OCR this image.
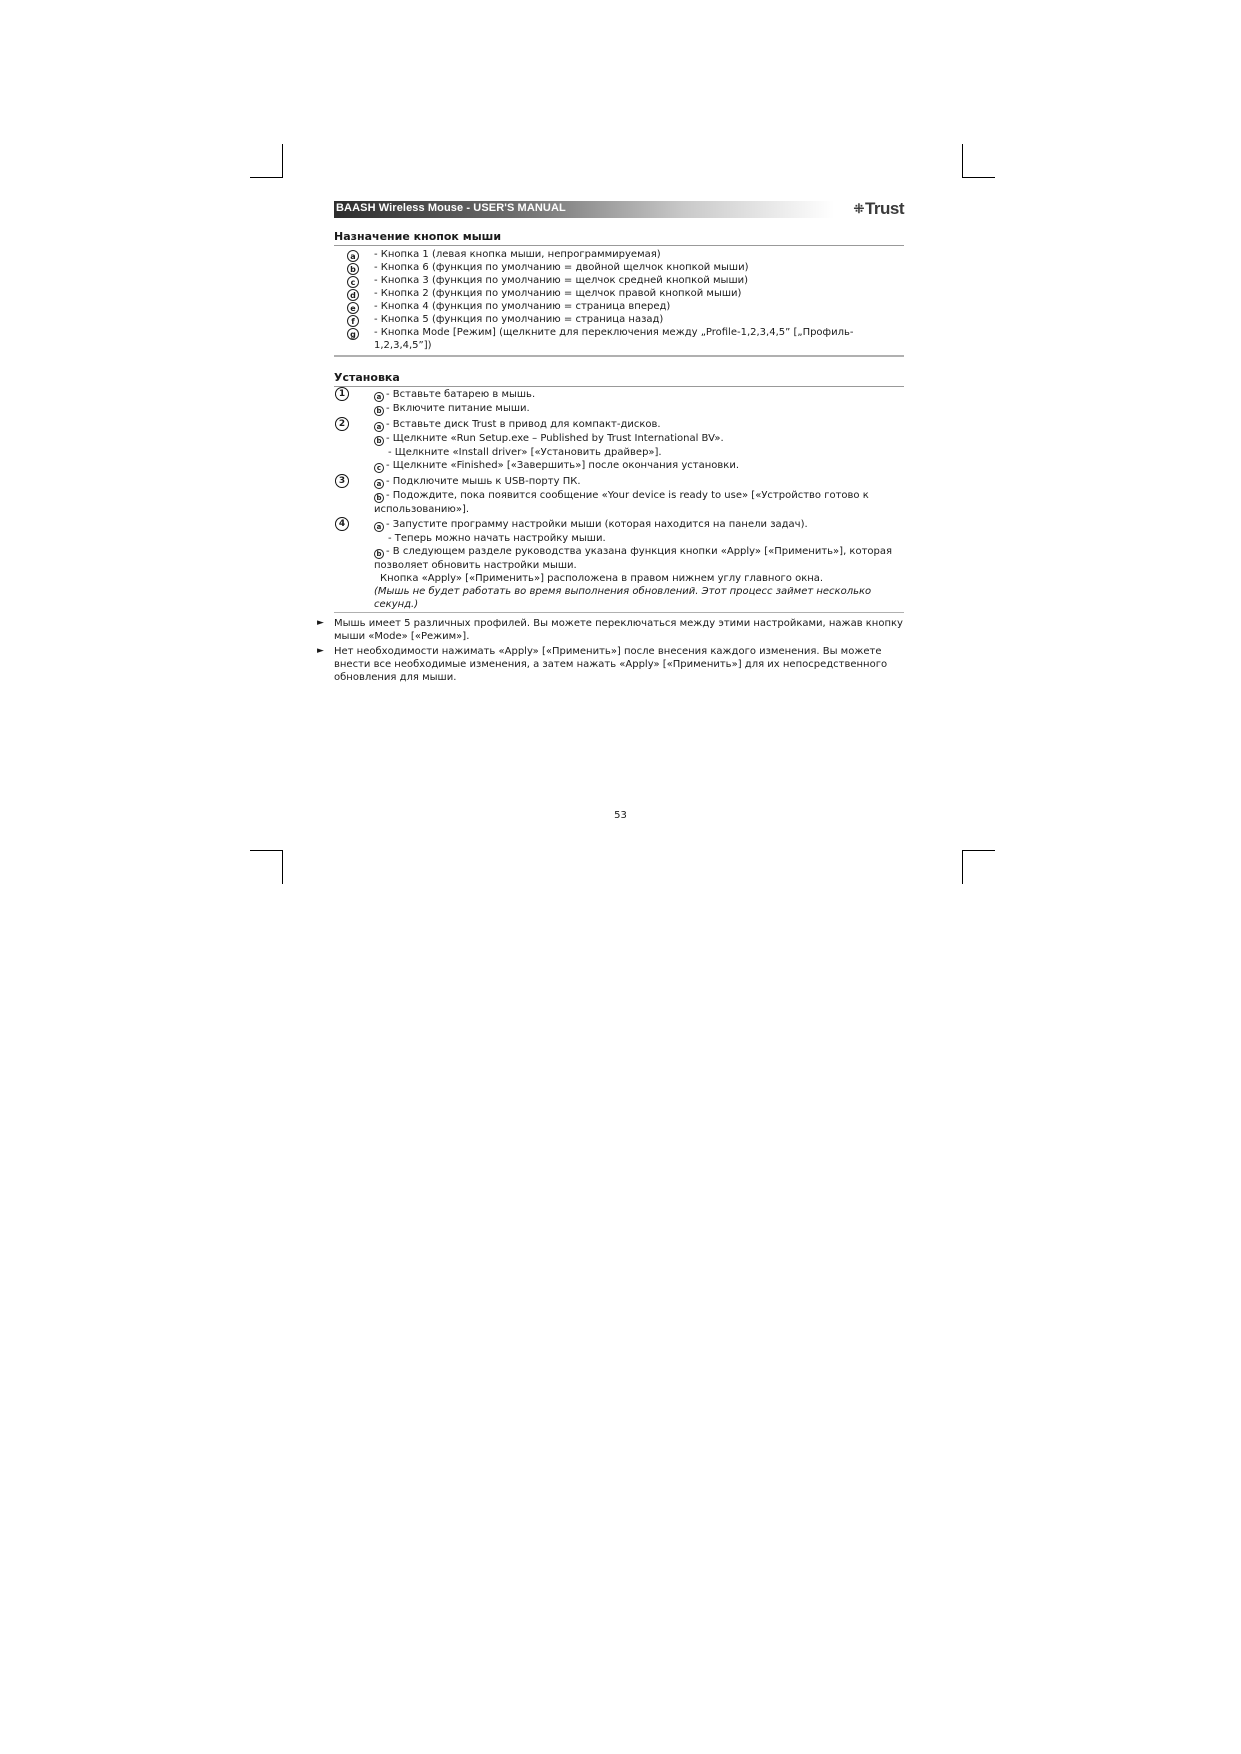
BAASH Wireless Mouse - USER'S MANUAL	⁜Trust
Назначение кнопок мыши
a	- Кнопка 1 (левая кнопка мыши, непрограммируемая)
b	- Кнопка 6 (функция по умолчанию = двойной щелчок кнопкой мыши)
c	- Кнопка 3 (функция по умолчанию = щелчок средней кнопкой мыши)
d	- Кнопка 2 (функция по умолчанию = щелчок правой кнопкой мыши)
e	- Кнопка 4 (функция по умолчанию = страница вперед)
f	- Кнопка 5 (функция по умолчанию = страница назад)
g	- Кнопка Mode [Режим] (щелкните для переключения между „Profile-1,2,3,4,5” [„Профиль-
1,2,3,4,5”])
Установка
1	a - Вставьте батарею в мышь.
b - Включите питание мыши.
2	a - Вставьте диск Trust в привод для компакт-дисков.
b - Щелкните «Run Setup.exe – Published by Trust International BV».
- Щелкните «Install driver» [«Установить драйвер»].
c - Щелкните «Finished» [«Завершить»] после окончания установки.
3	a - Подключите мышь к USB-порту ПК.
b - Подождите, пока появится сообщение «Your device is ready to use» [«Устройство готово к
использованию»].
4	a - Запустите программу настройки мыши (которая находится на панели задач).
- Теперь можно начать настройку мыши.
b - В следующем разделе руководства указана функция кнопки «Apply» [«Применить»], которая
позволяет обновить настройки мыши.
Кнопка «Apply» [«Применить»] расположена в правом нижнем углу главного окна.
(Мышь не будет работать во время выполнения обновлений. Этот процесс займет несколько
секунд.)
► Мышь имеет 5 различных профилей. Вы можете переключаться между этими настройками, нажав кнопку
мыши «Mode» [«Режим»].
► Нет необходимости нажимать «Apply» [«Применить»] после внесения каждого изменения. Вы можете
внести все необходимые изменения, а затем нажать «Apply» [«Применить»] для их непосредственного
обновления для мыши.
53
